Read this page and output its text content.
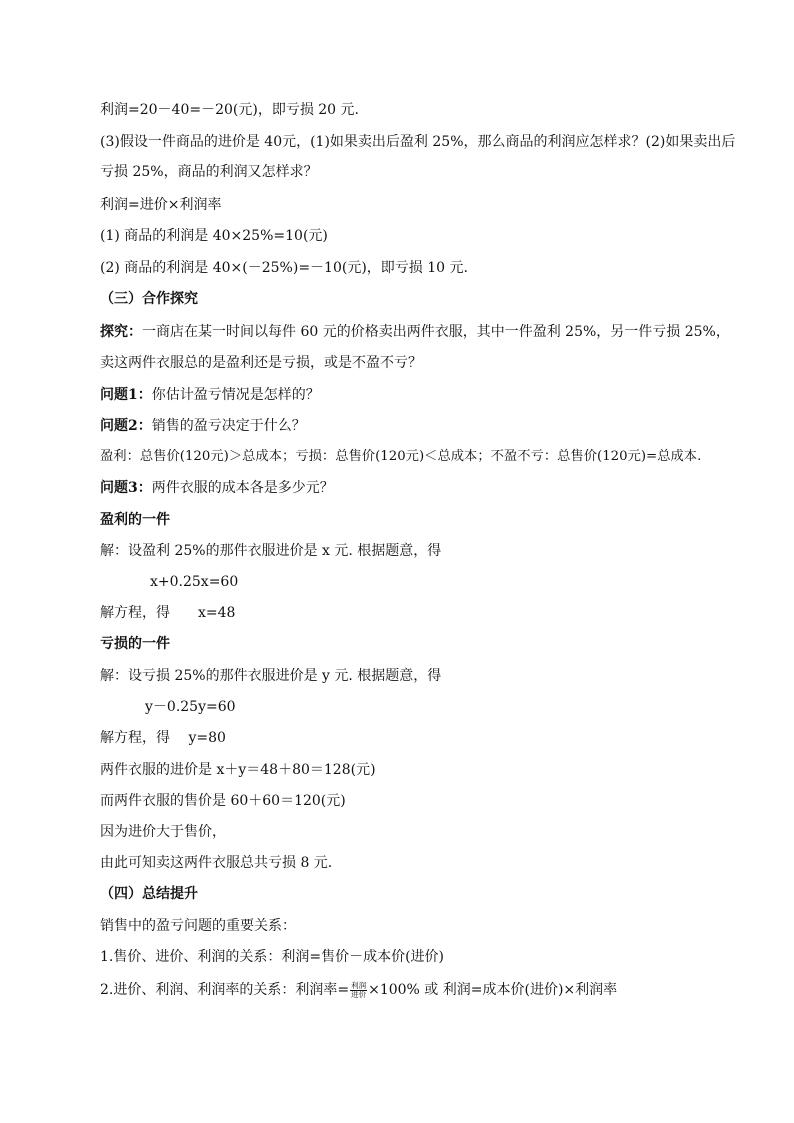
利润=20－40=－20(元)，即亏损 20 元.
(3)假设一件商品的进价是 40元，(1)如果卖出后盈利 25%，那么商品的利润应怎样求？(2)如果卖出后
亏损 25%，商品的利润又怎样求？
利润=进价×利润率
(1) 商品的利润是 40×25%=10(元)
(2) 商品的利润是 40×(－25%)=－10(元)，即亏损 10 元.
（三）合作探究
探究：一商店在某一时间以每件 60 元的价格卖出两件衣服，其中一件盈利 25%，另一件亏损 25%，
卖这两件衣服总的是盈利还是亏损，或是不盈不亏？
问题1：你估计盈亏情况是怎样的？
问题2：销售的盈亏决定于什么？
盈利：总售价(120元)＞总成本；亏损：总售价(120元)＜总成本；不盈不亏：总售价(120元)=总成本.
问题3：两件衣服的成本各是多少元？
盈利的一件
解：设盈利 25%的那件衣服进价是 x 元. 根据题意，得
x+0.25x=60
解方程，得　　x=48
亏损的一件
解：设亏损 25%的那件衣服进价是 y 元. 根据题意，得
y－0.25y=60
解方程，得　 y=80
两件衣服的进价是 x＋y＝48＋80＝128(元)
而两件衣服的售价是 60＋60＝120(元)
因为进价大于售价，
由此可知卖这两件衣服总共亏损 8 元.
（四）总结提升
销售中的盈亏问题的重要关系：
1.售价、进价、利润的关系：利润=售价－成本价(进价)
2.进价、利润、利润率的关系：利润率= $\frac{\text{利润}}{\text{进价}} \times 100\%$ 或 利润=成本价(进价)×利润率
